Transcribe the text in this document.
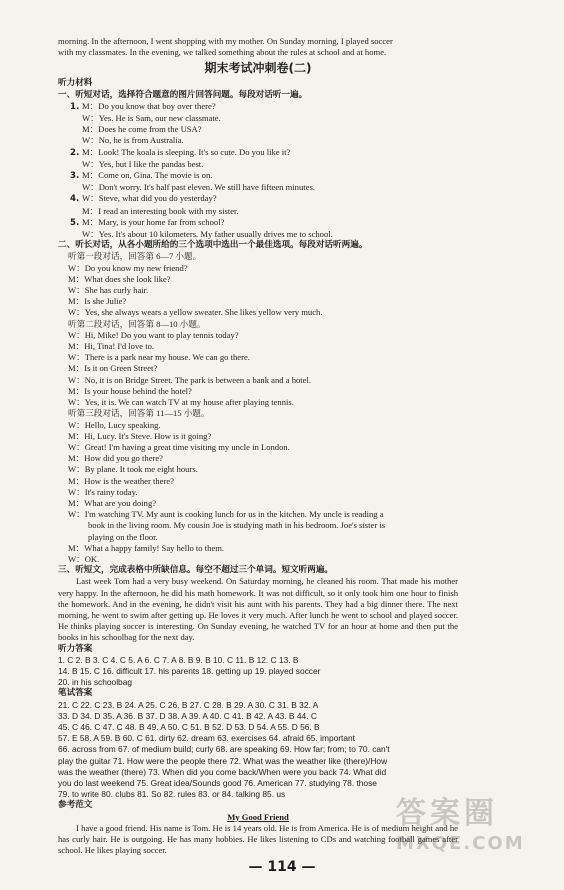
morning. In the afternoon, I went shopping with my mother. On Sunday morning, I played soccer
with my classmates. In the evening, we talked something about the rules at school and at home.
期末考试冲刺卷(二)
听力材料
一、听短对话，选择符合题意的图片回答问题。每段对话听一遍。
1. M：Do you know that boy over there?
W：Yes. He is Sam, our new classmate.
M：Does he come from the USA?
W：No, he is from Australia.
2. M：Look! The koala is sleeping. It's so cute. Do you like it?
W：Yes, but I like the pandas best.
3. M：Come on, Gina. The movie is on.
W：Don't worry. It's half past eleven. We still have fifteen minutes.
4. W：Steve, what did you do yesterday?
M：I read an interesting book with my sister.
5. M：Mary, is your home far from school?
W：Yes. It's about 10 kilometers. My father usually drives me to school.
二、听长对话，从各小题所给的三个选项中选出一个最佳选项。每段对话听两遍。
听第一段对话，回答第 6—7 小题。
W：Do you know my new friend?
M：What does she look like?
W：She has curly hair.
M：Is she Julie?
W：Yes, she always wears a yellow sweater. She likes yellow very much.
听第二段对话，回答第 8—10 小题。
W：Hi, Mike! Do you want to play tennis today?
M：Hi, Tina! I'd love to.
W：There is a park near my house. We can go there.
M：Is it on Green Street?
W：No, it is on Bridge Street. The park is between a bank and a hotel.
M：Is your house behind the hotel?
W：Yes, it is. We can watch TV at my house after playing tennis.
听第三段对话，回答第 11—15 小题。
W：Hello, Lucy speaking.
M：Hi, Lucy. It's Steve. How is it going?
W：Great! I'm having a great time visiting my uncle in London.
M：How did you go there?
W：By plane. It took me eight hours.
M：How is the weather there?
W：It's rainy today.
M：What are you doing?
W：I'm watching TV. My aunt is cooking lunch for us in the kitchen. My uncle is reading a
book in the living room. My cousin Joe is studying math in his bedroom. Joe's sister is
playing on the floor.
M：What a happy family! Say hello to them.
W：OK.
三、听短文，完成表格中所缺信息。每空不超过三个单词。短文听两遍。
Last week Tom had a very busy weekend. On Saturday morning, he cleaned his room. That made his mother very happy. In the afternoon, he did his math homework. It was not difficult, so it only took him one hour to finish the homework. And in the evening, he didn't visit his aunt with his parents. They had a big dinner there. The next morning, he went to swim after getting up. He loves it very much. After lunch he went to school and played soccer. He thinks playing soccer is interesting. On Sunday evening, he watched TV for an hour at home and then put the books in his schoolbag for the next day.
听力答案
1. C 2. B 3. C 4. C 5. A 6. C 7. A 8. B 9. B 10. C 11. B 12. C 13. B
14. B 15. C 16. difficult 17. his parents 18. getting up 19. played soccer
20. in his schoolbag
笔试答案
21. C 22. C 23. B 24. A 25. C 26. B 27. C 28. B 29. A 30. C 31. B 32. A
33. D 34. D 35. A 36. B 37. D 38. A 39. A 40. C 41. B 42. A 43. B 44. C
45. C 46. C 47. C 48. B 49. A 50. C 51. B 52. D 53. D 54. A 55. D 56. B
57. E 58. A 59. B 60. C 61. dirty 62. dream 63. exercises 64. afraid 65. important
66. across from 67. of medium build; curly 68. are speaking 69. How far; from; to 70. can't
play the guitar 71. How were the people there 72. What was the weather like (there)/How
was the weather (there) 73. When did you come back/When were you back 74. What did
you do last weekend 75. Great idea/Sounds good 76. American 77. studying 78. those
79. to write 80. clubs 81. So 82. rules 83. or 84. talking 85. us
参考范文
My Good Friend
I have a good friend. His name is Tom. He is 14 years old. He is from America. He is of medium height and he has curly hair. He is outgoing. He has many hobbies. He likes listening to CDs and watching football games after school. He likes playing soccer.
— 114 —
答案圈
MXQE.COM
